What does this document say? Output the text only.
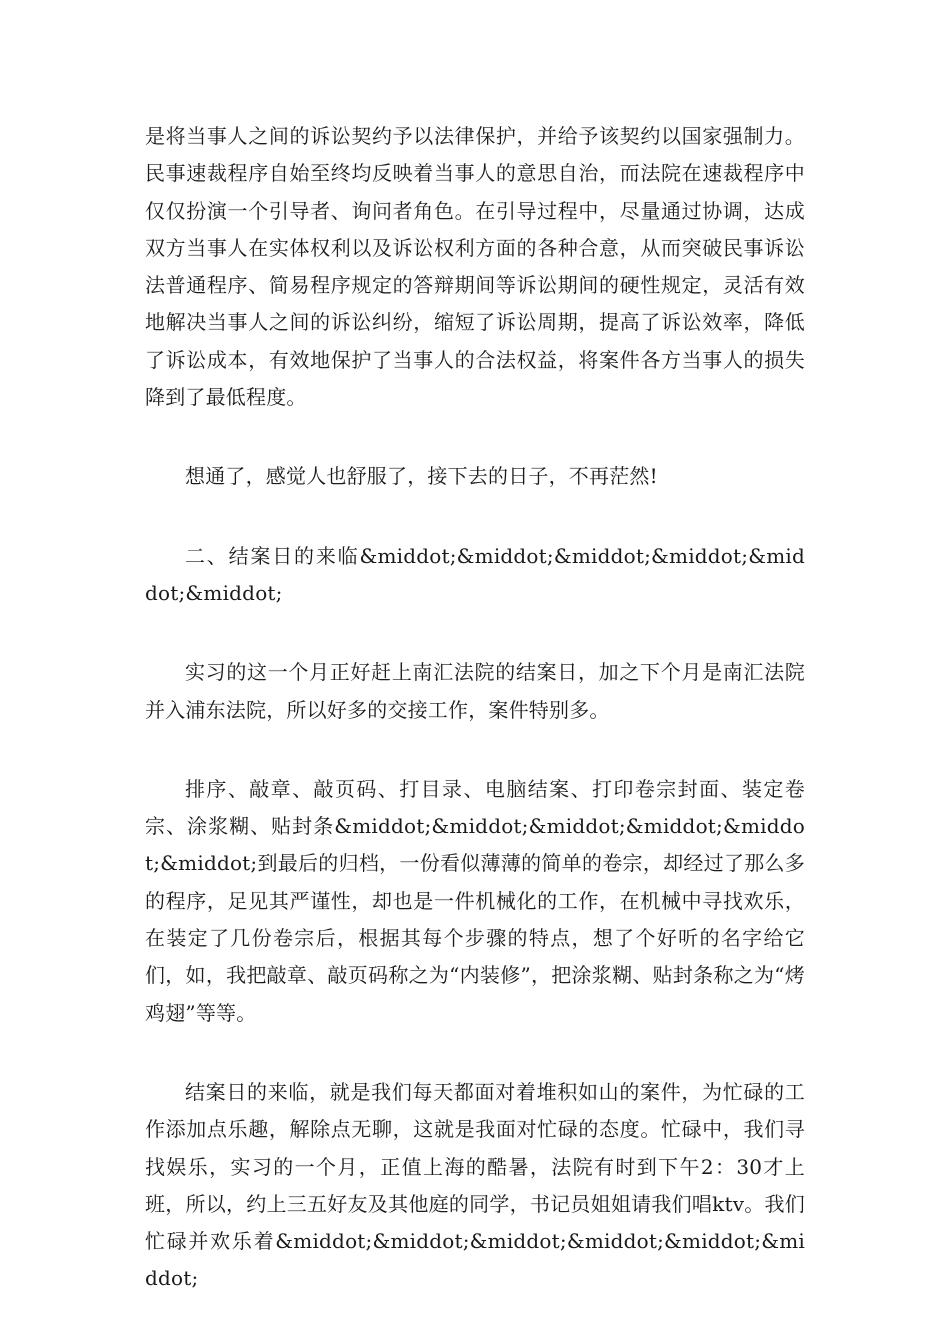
是将当事人之间的诉讼契约予以法律保护，并给予该契约以国家强制力。民事速裁程序自始至终均反映着当事人的意思自治，而法院在速裁程序中仅仅扮演一个引导者、询问者角色。在引导过程中，尽量通过协调，达成双方当事人在实体权利以及诉讼权利方面的各种合意，从而突破民事诉讼法普通程序、简易程序规定的答辩期间等诉讼期间的硬性规定，灵活有效地解决当事人之间的诉讼纠纷，缩短了诉讼周期，提高了诉讼效率，降低了诉讼成本，有效地保护了当事人的合法权益，将案件各方当事人的损失降到了最低程度。

想通了，感觉人也舒服了，接下去的日子，不再茫然!

二、结案日的来临&middot;&middot;&middot;&middot;&middot;&middot;

实习的这一个月正好赶上南汇法院的结案日，加之下个月是南汇法院并入浦东法院，所以好多的交接工作，案件特别多。

排序、敲章、敲页码、打目录、电脑结案、打印卷宗封面、装定卷宗、涂浆糊、贴封条&middot;&middot;&middot;&middot;&middot;&middot;到最后的归档，一份看似薄薄的简单的卷宗，却经过了那么多的程序，足见其严谨性，却也是一件机械化的工作，在机械中寻找欢乐，在装定了几份卷宗后，根据其每个步骤的特点，想了个好听的名字给它们，如，我把敲章、敲页码称之为“内装修”，把涂浆糊、贴封条称之为“烤鸡翅”等等。

结案日的来临，就是我们每天都面对着堆积如山的案件，为忙碌的工作添加点乐趣，解除点无聊，这就是我面对忙碌的态度。忙碌中，我们寻找娱乐，实习的一个月，正值上海的酷暑，法院有时到下午2：30才上班，所以，约上三五好友及其他庭的同学，书记员姐姐请我们唱ktv。我们忙碌并欢乐着&middot;&middot;&middot;&middot;&middot;&middot;
